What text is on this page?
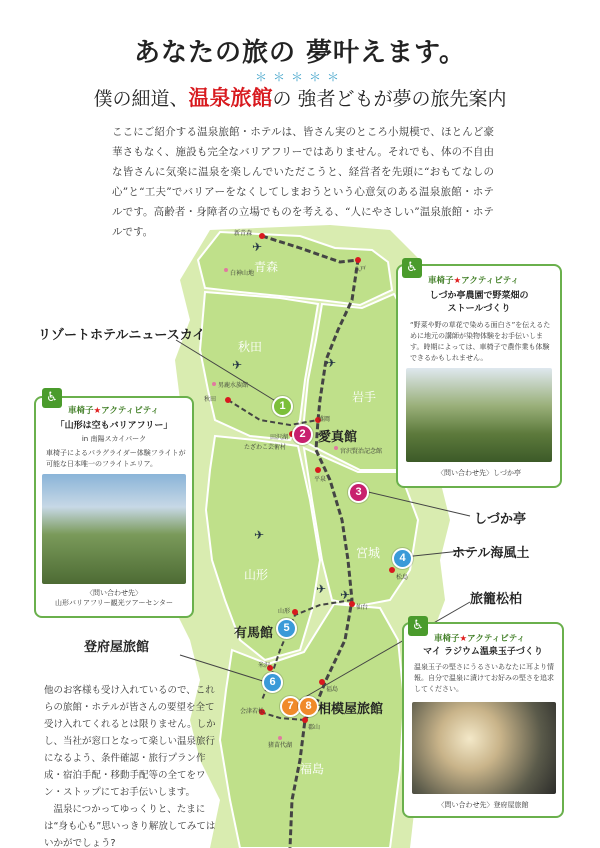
✈
✈	✈
✈
✈
✈
あなたの旅の 夢叶えます。
＊＊＊＊＊
僕の細道、温泉旅館の 強者どもが夢の旅先案内
ここにご紹介する温泉旅館・ホテルは、皆さん実のところ小規模で、ほとんど豪華さもなく、施設も完全なバリアフリーではありません。それでも、体の不自由な皆さんに気楽に温泉を楽しんでいただこうと、経営者を先頭に“おもてなしの心”と“工夫”でバリアーをなくしてしまおうという心意気のある温泉旅館・ホテルです。高齢者・身障者の立場でものを考える、“人にやさしい”温泉旅館・ホテルです。
青森
秋田
岩手
山形
宮城
福島
新青森
白神山地
八戸
男鹿水族館
秋田
盛岡
田沢湖
たざわこ芸術村
宮沢賢治記念館
平泉
松島
山形
仙台
米沢
福島
会津若松
郡山
猪苗代湖
1
2
3
4
5
6
7	8
リゾートホテルニュースカイ
愛真館
しづか亭
ホテル海風土
有馬館
登府屋旅館
旅籠松柏
相模屋旅館
他のお客様も受け入れているので、これらの旅館・ホテルが皆さんの要望を全て受け入れてくれるとは限りません。しかし、当社が窓口となって楽しい温泉旅行になるよう、条件確認・旅行プラン作成・宿泊手配・移動手配等の全てをワン・ストップにてお手伝いします。
　温泉につかってゆっくりと、たまには“身も心も”思いっきり解放してみてはいかがでしょう?
♿
車椅子★アクティビティ
「山形は空もバリアフリー」
in 南陽スカイパーク
車椅子によるパラグライダー体験フライトが可能な日本唯一のフライトエリア。
〈問い合わせ先〉
山形バリアフリー観光ツアーセンター
♿
車椅子★アクティビティ
しづか亭農園で野菜畑の
ストールづくり
“野菜や野の草花で染める面白さ”を伝えるために地元の講師が染物体験をお手伝いします。時期によっては、車椅子で農作業も体験できるかもしれません。
〈問い合わせ先〉しづか亭
♿
車椅子★アクティビティ
マイ ラジウム温泉玉子づくり
温泉玉子の堅さにうるさいあなたに耳より情報。自分で温泉に漬けてお好みの堅さを追求してください。
〈問い合わせ先〉登府屋旅館
